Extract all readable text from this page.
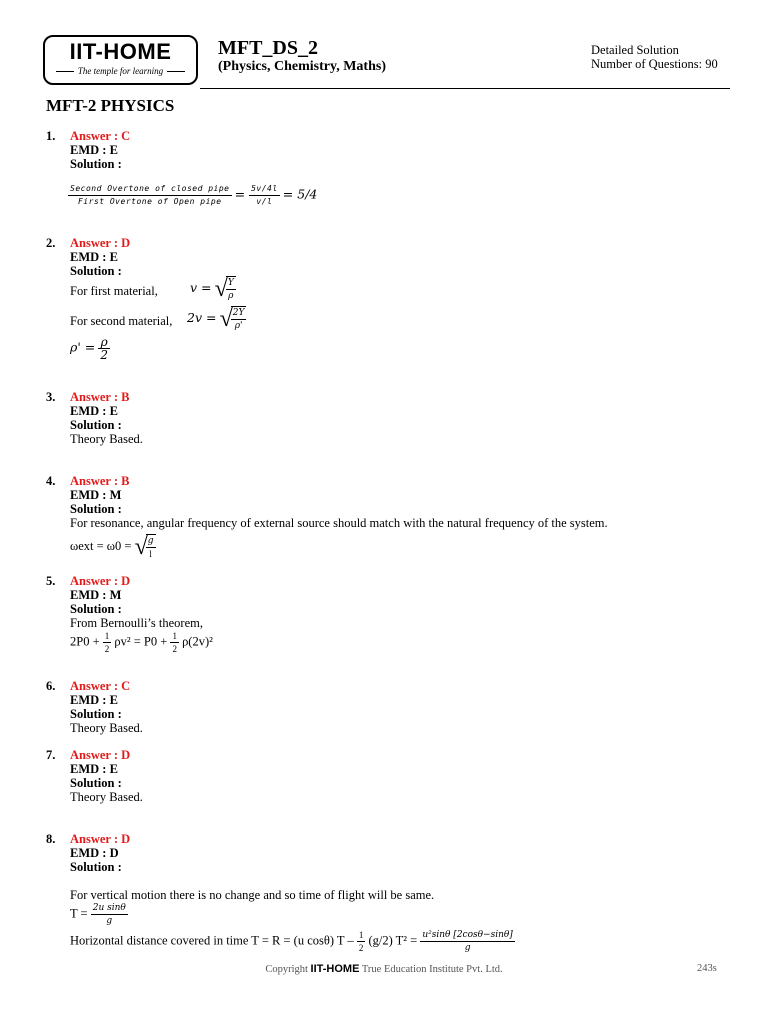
IIT-HOME
The temple for learning
MFT_DS_2
(Physics, Chemistry, Maths)
Detailed Solution
Number of Questions: 90
MFT-2 PHYSICS
1.	Answer : C
EMD : E
Solution :
$\frac{\text{Second Overtone of closed pipe}}{\text{First Overtone of Open pipe}} = \frac{5v/4l}{v/l} = 5/4$
2.	Answer : D
EMD : E
Solution :
For first material,	v = √
$\frac{Y}{\rho}$
For second material, 2v = √
$\frac{2Y}{\rho'}$
$\rho' = \frac{\rho}{2}$
3.	Answer : B
EMD : E
Solution :
Theory Based.
4.	Answer : B
EMD : M
Solution :
For resonance, angular frequency of external source should match with the natural frequency of the system.
ωext = ω0 = √
$\frac{g}{l}$
5.	Answer : D
EMD : M
Solution :
From Bernoulli’s theorem,
$2P0 + \frac{1}{2} \rho v^2 = P0 + \frac{1}{2} \rho(2v)^2$
6.	Answer : C
EMD : E
Solution :
Theory Based.
7.	Answer : D
EMD : E
Solution :
Theory Based.
8.	Answer : D
EMD : D
Solution :
For vertical motion there is no change and so time of flight will be same.
$T = \frac{\text{2u sinθ}}{g}$
Horizontal distance covered in time T = R = (u cosθ) $T - \frac{1}{2} (g/2) T^2 = \frac{\text{u²sinθ [2cosθ−sinθ]}}{g}$
Copyright IIT-HOME True Education Institute Pvt. Ltd.	243s
